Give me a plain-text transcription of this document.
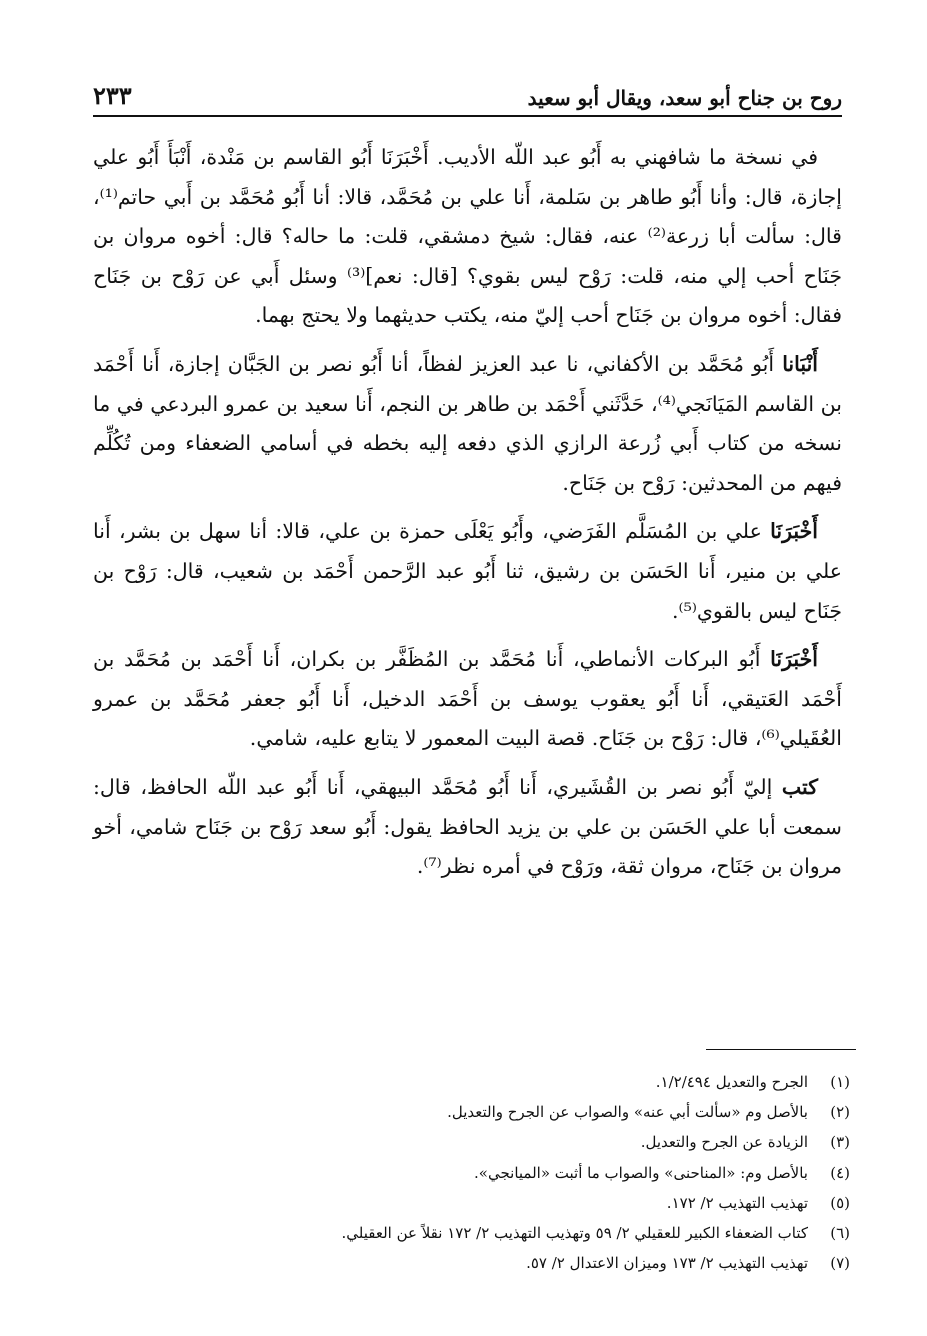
روح بن جناح أبو سعد، ويقال أبو سعيد
٢٣٣

في نسخة ما شافهني به أَبُو عبد اللّه الأديب. أَخْبَرَنَا أَبُو القاسم بن مَنْدة، أَنْبَأَ أَبُو علي إجازة، قال: وأنا أَبُو طاهر بن سَلمة، أَنا علي بن مُحَمَّد، قالا: أنا أَبُو مُحَمَّد بن أَبي حاتم⁽¹⁾، قال: سألت أبا زرعة⁽²⁾ عنه، فقال: شيخ دمشقي، قلت: ما حاله؟ قال: أخوه مروان بن جَنَاح أحب إلي منه، قلت: رَوْح ليس بقوي؟ [قال: نعم]⁽³⁾ وسئل أَبي عن رَوْح بن جَنَاح فقال: أخوه مروان بن جَنَاح أحب إليّ منه، يكتب حديثهما ولا يحتج بهما.

أَنْبَانا أَبُو مُحَمَّد بن الأكفاني، نا عبد العزيز لفظاً، أنا أَبُو نصر بن الجَبَّان إجازة، أَنا أَحْمَد بن القاسم المَيَانَجي⁽⁴⁾، حَدَّثَني أَحْمَد بن طاهر بن النجم، أَنا سعيد بن عمرو البردعي في ما نسخه من كتاب أَبي زُرعة الرازي الذي دفعه إليه بخطه في أسامي الضعفاء ومن تُكُلِّم فيهم من المحدثين: رَوْح بن جَنَاح.

أَخْبَرَنَا علي بن المُسَلَّم الفَرَضي، وأَبُو يَعْلَى حمزة بن علي، قالا: أنا سهل بن بشر، أَنا علي بن منير، أَنا الحَسَن بن رشيق، ثنا أَبُو عبد الرَّحمن أَحْمَد بن شعيب، قال: رَوْح بن جَنَاح ليس بالقوي⁽⁵⁾.

أَخْبَرَنَا أَبُو البركات الأنماطي، أَنا مُحَمَّد بن المُظَفَّر بن بكران، أَنا أَحْمَد بن مُحَمَّد بن أَحْمَد العَتيقي، أَنا أَبُو يعقوب يوسف بن أَحْمَد الدخيل، أَنا أَبُو جعفر مُحَمَّد بن عمرو العُقَيلي⁽⁶⁾، قال: رَوْح بن جَنَاح. قصة البيت المعمور لا يتابع عليه، شامي.

كتب إليّ أَبُو نصر بن القُشَيري، أَنا أَبُو مُحَمَّد البيهقي، أَنا أَبُو عبد اللّه الحافظ، قال: سمعت أبا علي الحَسَن بن علي بن يزيد الحافظ يقول: أَبُو سعد رَوْح بن جَنَاح شامي، أخو مروان بن جَنَاح، مروان ثقة، ورَوْح في أمره نظر⁽⁷⁾.

(١)
الجرح والتعديل ١/٢/٤٩٤.
(٢)
بالأصل وم «سألت أبي عنه» والصواب عن الجرح والتعديل.
(٣)
الزيادة عن الجرح والتعديل.
(٤)
بالأصل وم: «المناحنى» والصواب ما أثبت «الميانجي».
(٥)
تهذيب التهذيب ٢/ ١٧٢.
(٦)
كتاب الضعفاء الكبير للعقيلي ٢/ ٥٩ وتهذيب التهذيب ٢/ ١٧٢ نقلاً عن العقيلي.
(٧)
تهذيب التهذيب ٢/ ١٧٣ وميزان الاعتدال ٢/ ٥٧.
